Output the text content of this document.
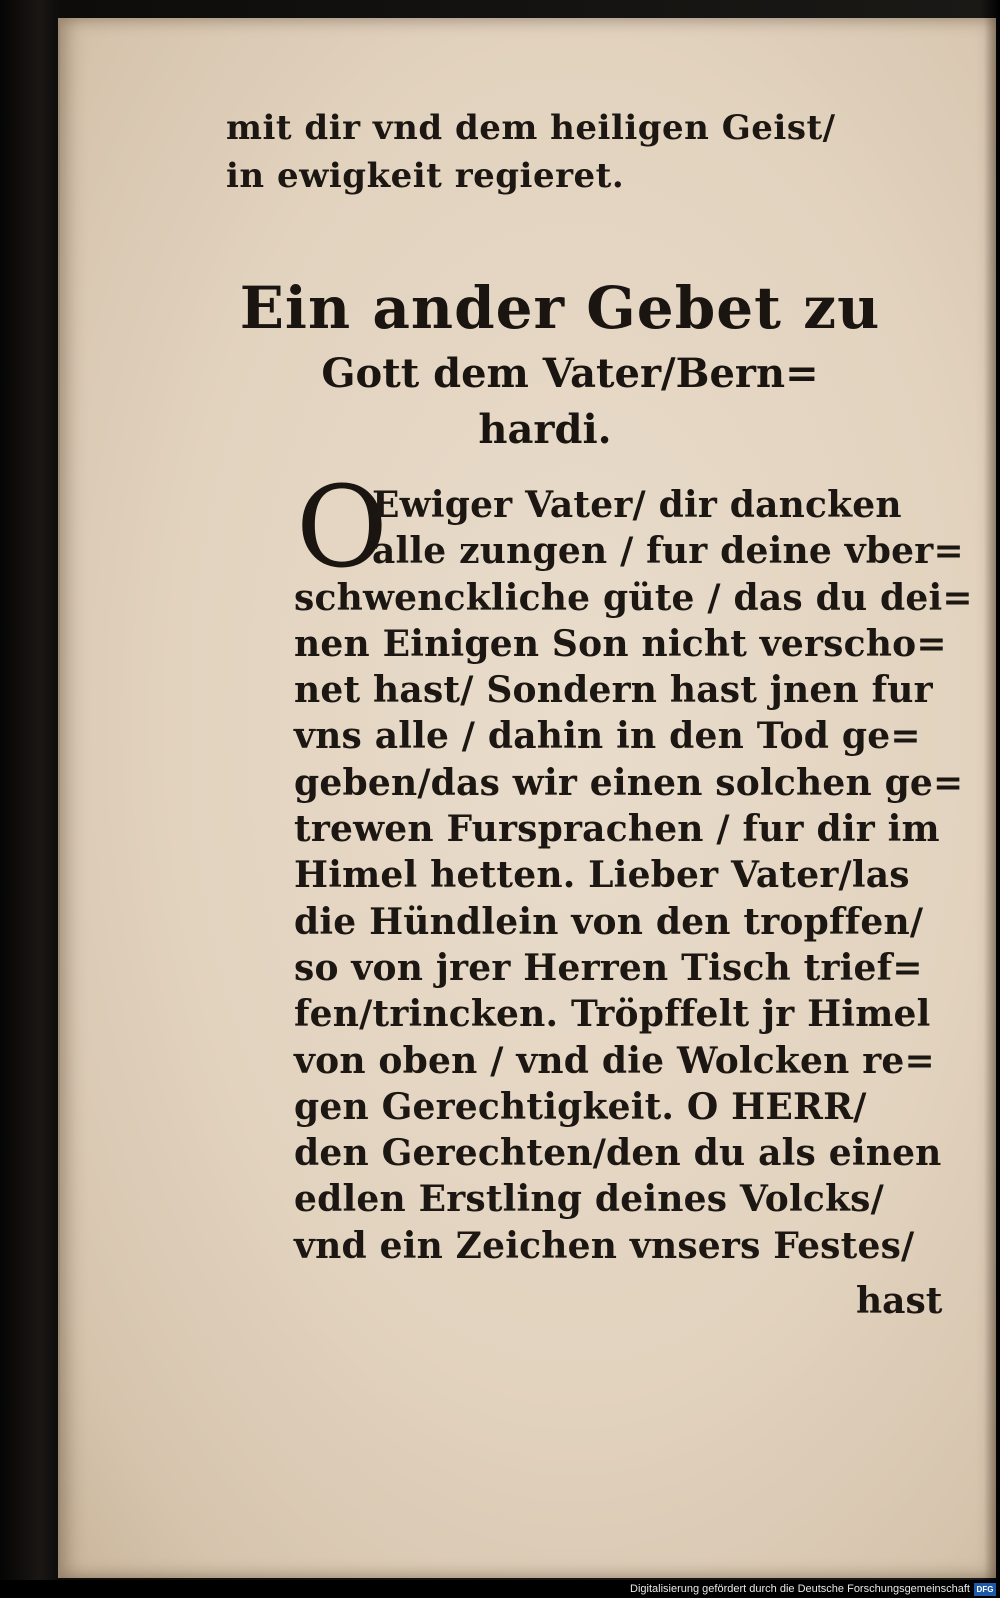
mit dir vnd dem heiligen Geist/
in ewigkeit regieret.
Ein ander Gebet zu
Gott dem Vater/Bern=
hardi.
O
Ewiger Vater/ dir dancken
alle zungen / fur deine vber=
schwenckliche güte / das du dei=
nen Einigen Son nicht verscho=
net hast/ Sondern hast jnen fur
vns alle / dahin in den Tod ge=
geben/das wir einen solchen ge=
trewen Fursprachen / fur dir im
Himel hetten. Lieber Vater/las
die Hündlein von den tropffen/
so von jrer Herren Tisch trief=
fen/trincken. Tröpffelt jr Himel
von oben / vnd die Wolcken re=
gen Gerechtigkeit. O HERR/
den Gerechten/den du als einen
edlen Erstling deines Volcks/
vnd ein Zeichen vnsers Festes/
hast
Digitalisierung gefördert durch die Deutsche Forschungsgemeinschaft DFG
